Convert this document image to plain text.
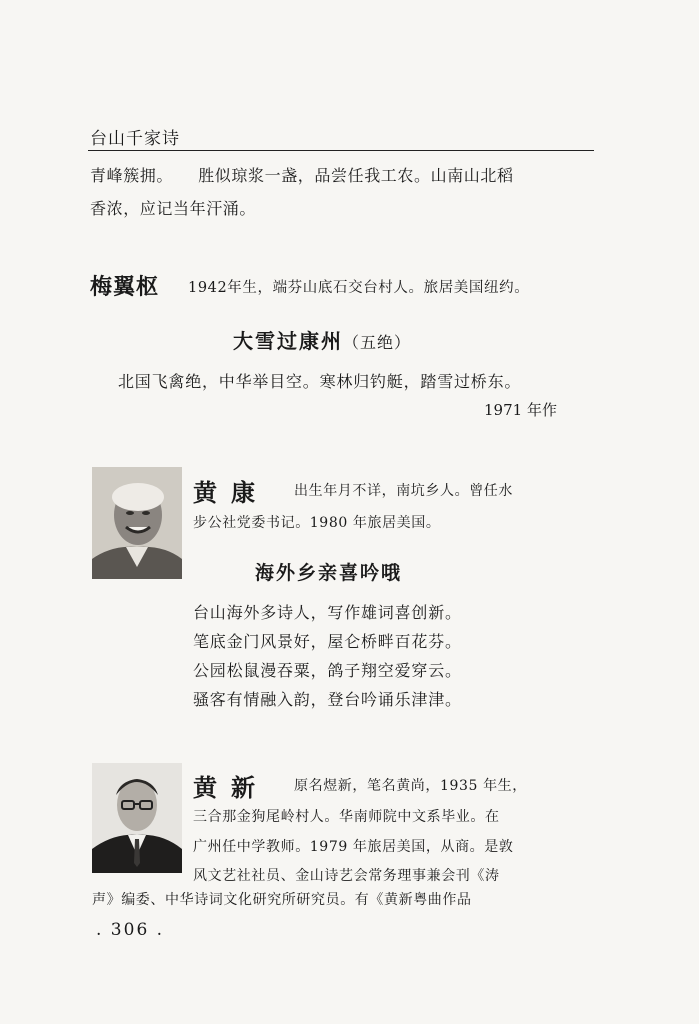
台山千家诗
青峰簇拥。　　胜似琼浆一盏，品尝任我工农。山南山北稻
香浓，应记当年汗涌。
梅翼枢 1942年生，端芬山底石交台村人。旅居美国纽约。
大雪过康州（五绝）
北国飞禽绝，中华举目空。寒林归钓艇，踏雪过桥东。
1971 年作
黄康 出生年月不详，南坑乡人。曾任水
步公社党委书记。1980 年旅居美国。
海外乡亲喜吟哦
台山海外多诗人，写作雄词喜创新。
笔底金门风景好，屋仑桥畔百花芬。
公园松鼠漫吞粟，鸽子翔空爱穿云。
骚客有情融入韵，登台吟诵乐津津。
黄新 原名煜新，笔名黄尚，1935 年生，
三合那金狗尾岭村人。华南师院中文系毕业。在
广州任中学教师。1979 年旅居美国，从商。是敦
风文艺社社员、金山诗艺会常务理事兼会刊《涛
声》编委、中华诗词文化研究所研究员。有《黄新粤曲作品
. 306 .
